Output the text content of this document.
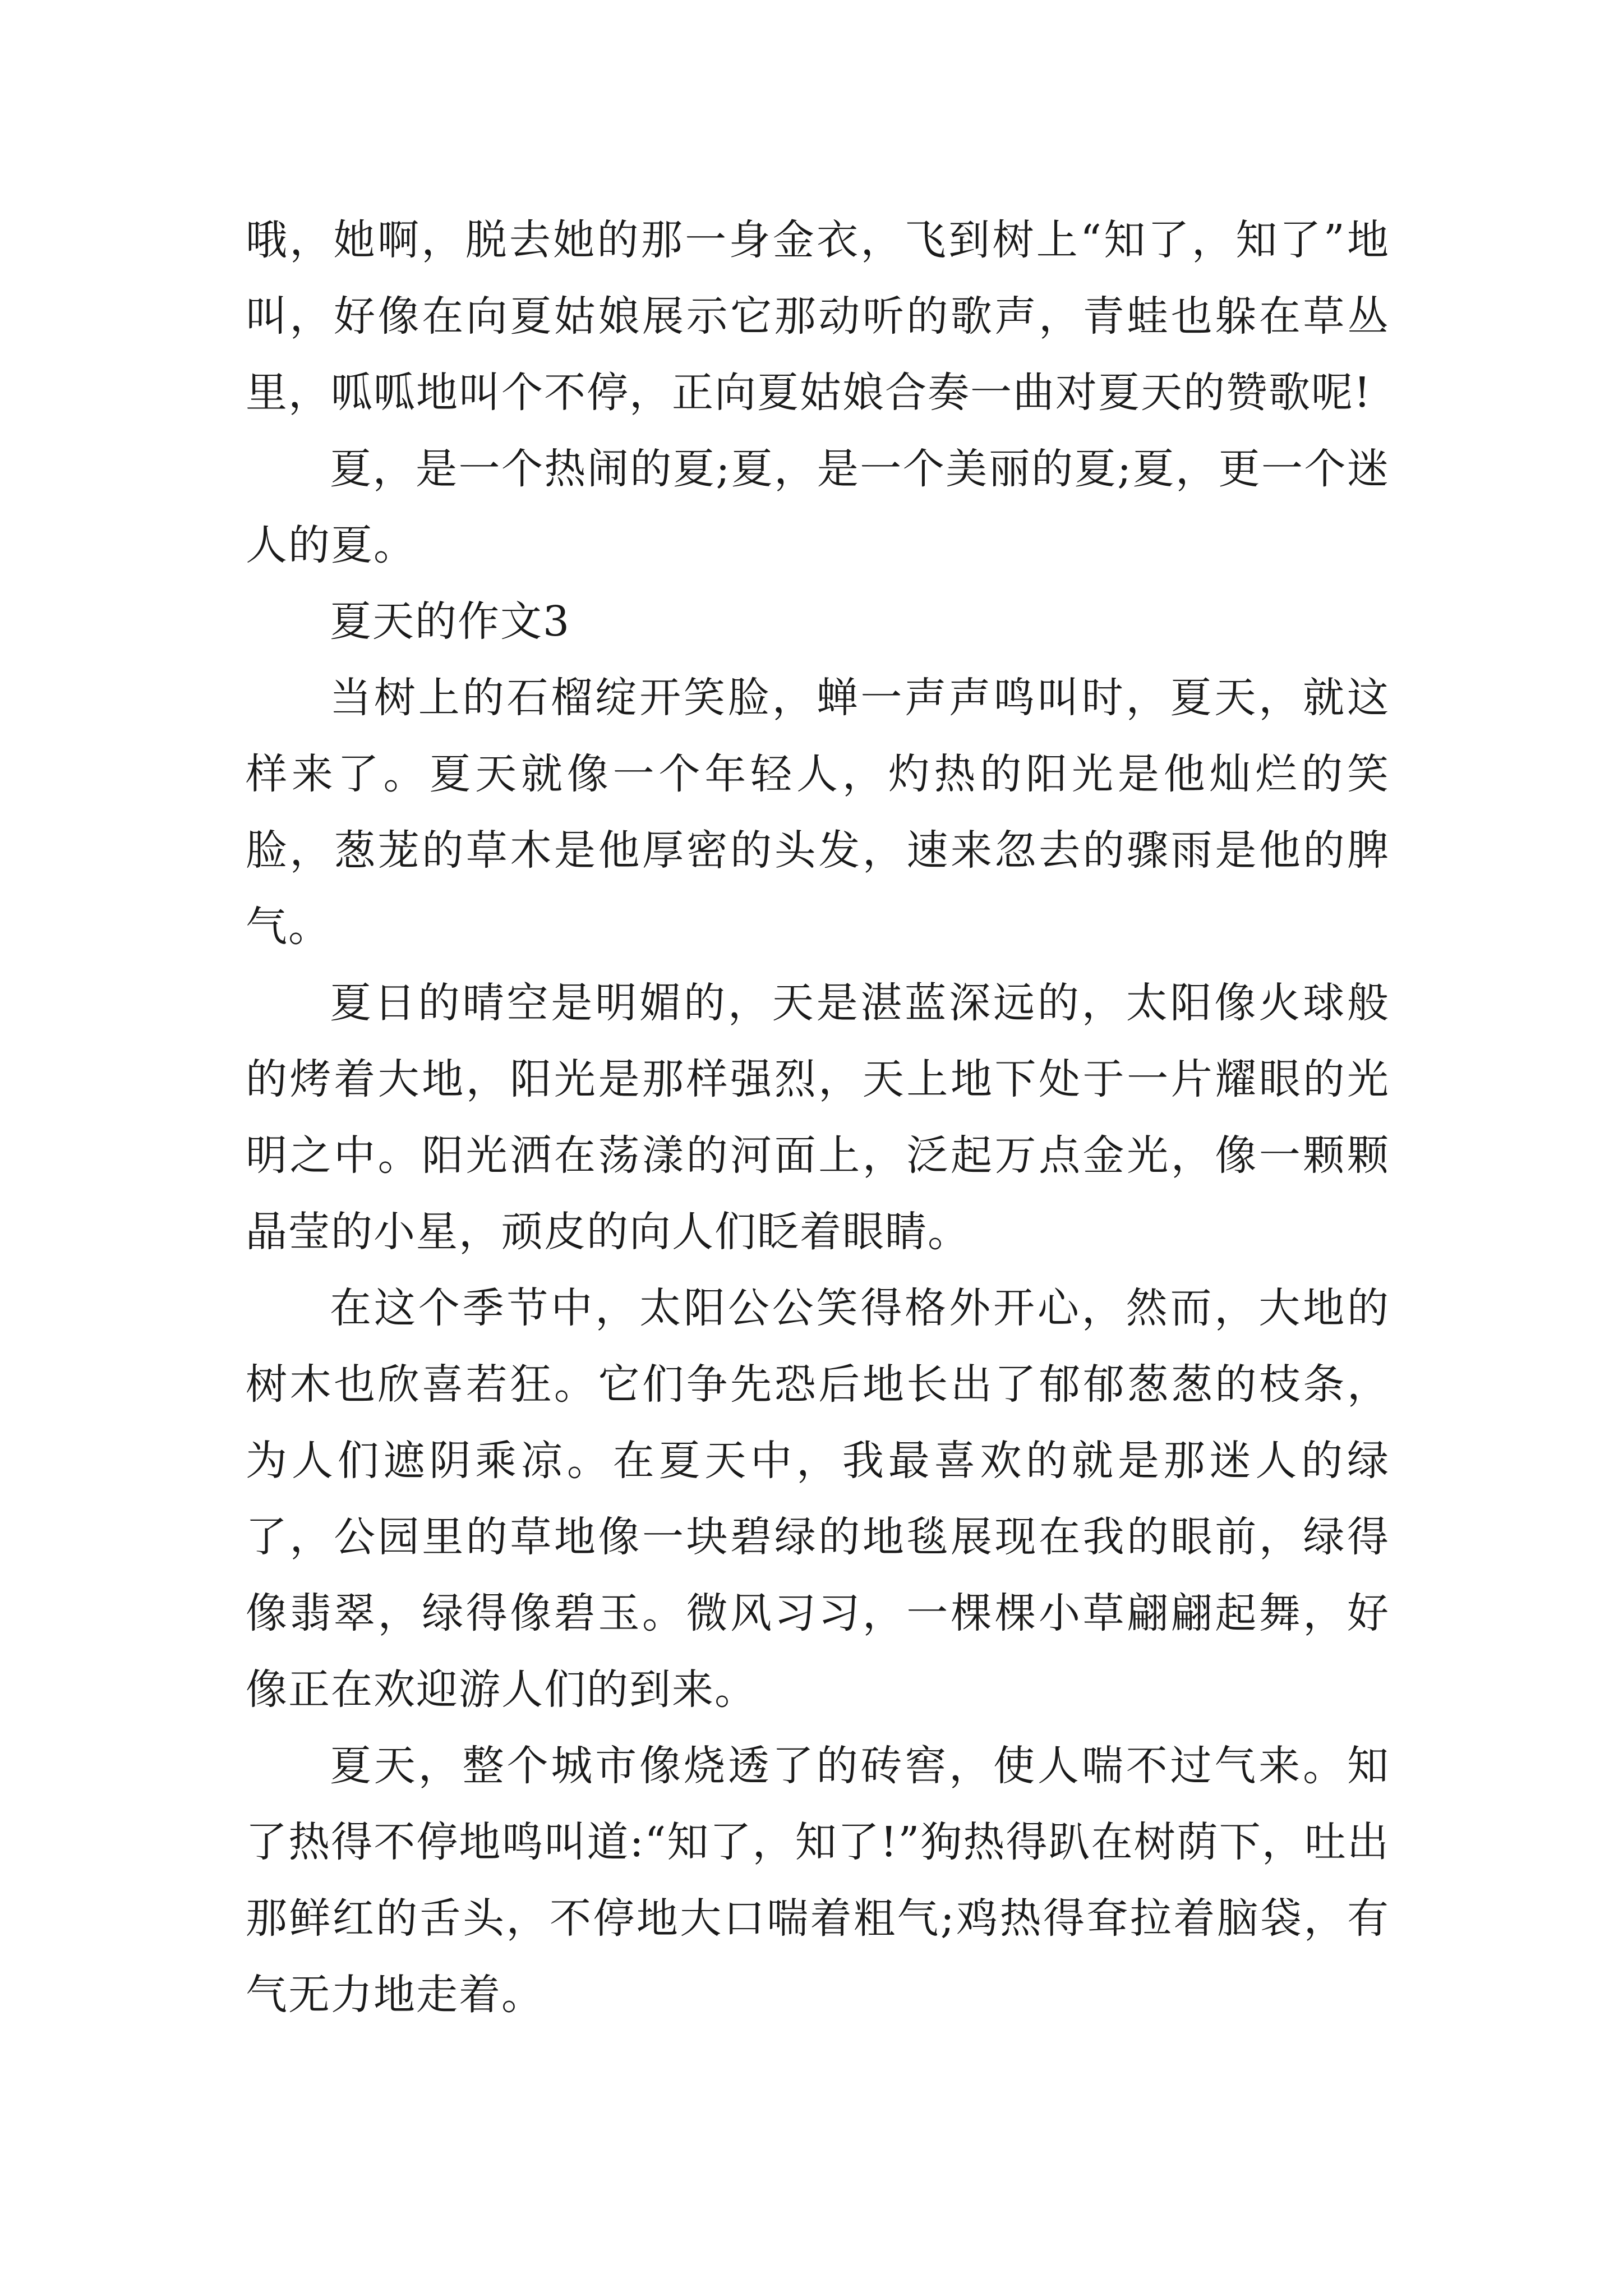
哦，她啊，脱去她的那一身金衣，飞到树上“知了，知了”地叫，好像在向夏姑娘展示它那动听的歌声，青蛙也躲在草丛里，呱呱地叫个不停，正向夏姑娘合奏一曲对夏天的赞歌呢!

夏，是一个热闹的夏;夏，是一个美丽的夏;夏，更一个迷人的夏。

夏天的作文3

当树上的石榴绽开笑脸，蝉一声声鸣叫时，夏天，就这样来了。夏天就像一个年轻人，灼热的阳光是他灿烂的笑脸，葱茏的草木是他厚密的头发，速来忽去的骤雨是他的脾气。

夏日的晴空是明媚的，天是湛蓝深远的，太阳像火球般的烤着大地，阳光是那样强烈，天上地下处于一片耀眼的光明之中。阳光洒在荡漾的河面上，泛起万点金光，像一颗颗晶莹的小星，顽皮的向人们眨着眼睛。

在这个季节中，太阳公公笑得格外开心，然而，大地的树木也欣喜若狂。它们争先恐后地长出了郁郁葱葱的枝条，为人们遮阴乘凉。在夏天中，我最喜欢的就是那迷人的绿了，公园里的草地像一块碧绿的地毯展现在我的眼前，绿得像翡翠，绿得像碧玉。微风习习，一棵棵小草翩翩起舞，好像正在欢迎游人们的到来。

夏天，整个城市像烧透了的砖窖，使人喘不过气来。知了热得不停地鸣叫道:“知了，知了!”狗热得趴在树荫下，吐出那鲜红的舌头，不停地大口喘着粗气;鸡热得耷拉着脑袋，有气无力地走着。
